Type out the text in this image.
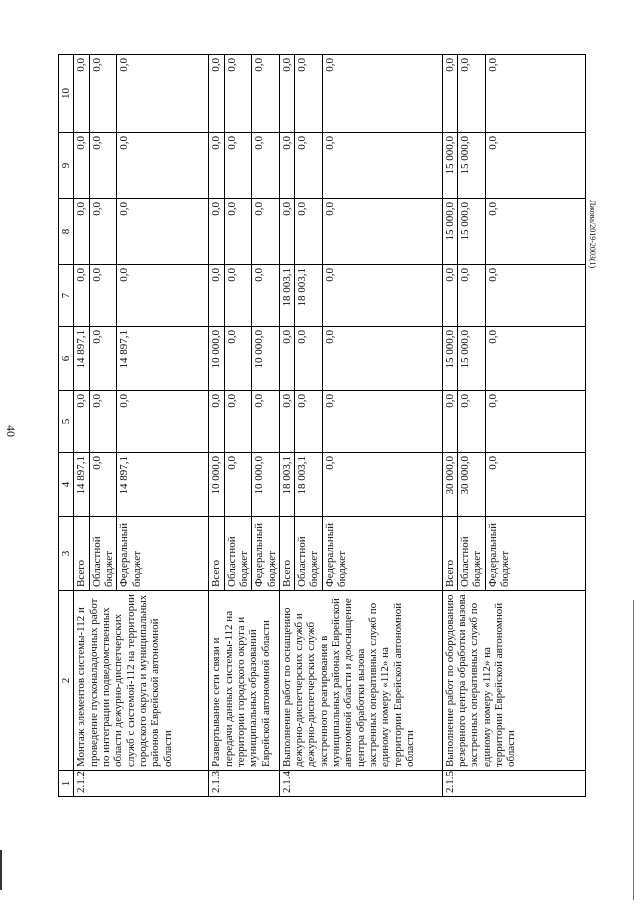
40
Лжова/2019-2003(1)
1	2	3	4	5	6	7	8	9	10
2.1.2	Монтаж элементов системы-112 и проведение пусконаладочных работ по интеграции подведомственных области дежурно-диспетчерских служб с системой-112 на территории городского округа и муниципальных районов Еврейской автономной области	Всего	14 897,1	0,0	14 897,1	0,0	0,0	0,0	0,0
		Областной бюджет	0,0	0,0	0,0	0,0	0,0	0,0	0,0
		Федеральный бюджет	14 897,1	0,0	14 897,1	0,0	0,0	0,0	0,0
2.1.3	Развертывание сети связи и передачи данных системы-112 на территории городского округа и муниципальных образований Еврейской автономной области	Всего	10 000,0	0,0	10 000,0	0,0	0,0	0,0	0,0
		Областной бюджет	0,0	0,0	0,0	0,0	0,0	0,0	0,0
		Федеральный бюджет	10 000,0	0,0	10 000,0	0,0	0,0	0,0	0,0
2.1.4	Выполнение работ по оснащению дежурно-диспетчерских служб и дежурно-диспетчерских служб экстренного реагирования в муниципальных районах Еврейской автономной области и дооснащение центра обработки вызова экстренных оперативных служб по единому номеру «112» на территории Еврейской автономной области	Всего	18 003,1	0,0	0,0	18 003,1	0,0	0,0	0,0
		Областной бюджет	18 003,1	0,0	0,0	18 003,1	0,0	0,0	0,0
		Федеральный бюджет	0,0	0,0	0,0	0,0	0,0	0,0	0,0
2.1.5	Выполнение работ по оборудованию резервного центра обработки вызова экстренных оперативных служб по единому номеру «112» на территории Еврейской автономной области	Всего	30 000,0	0,0	15 000,0	0,0	15 000,0	15 000,0	0,0
		Областной бюджет	30 000,0	0,0	15 000,0	0,0	15 000,0	15 000,0	0,0
		Федеральный бюджет	0,0	0,0	0,0	0,0	0,0	0,0	0,0
